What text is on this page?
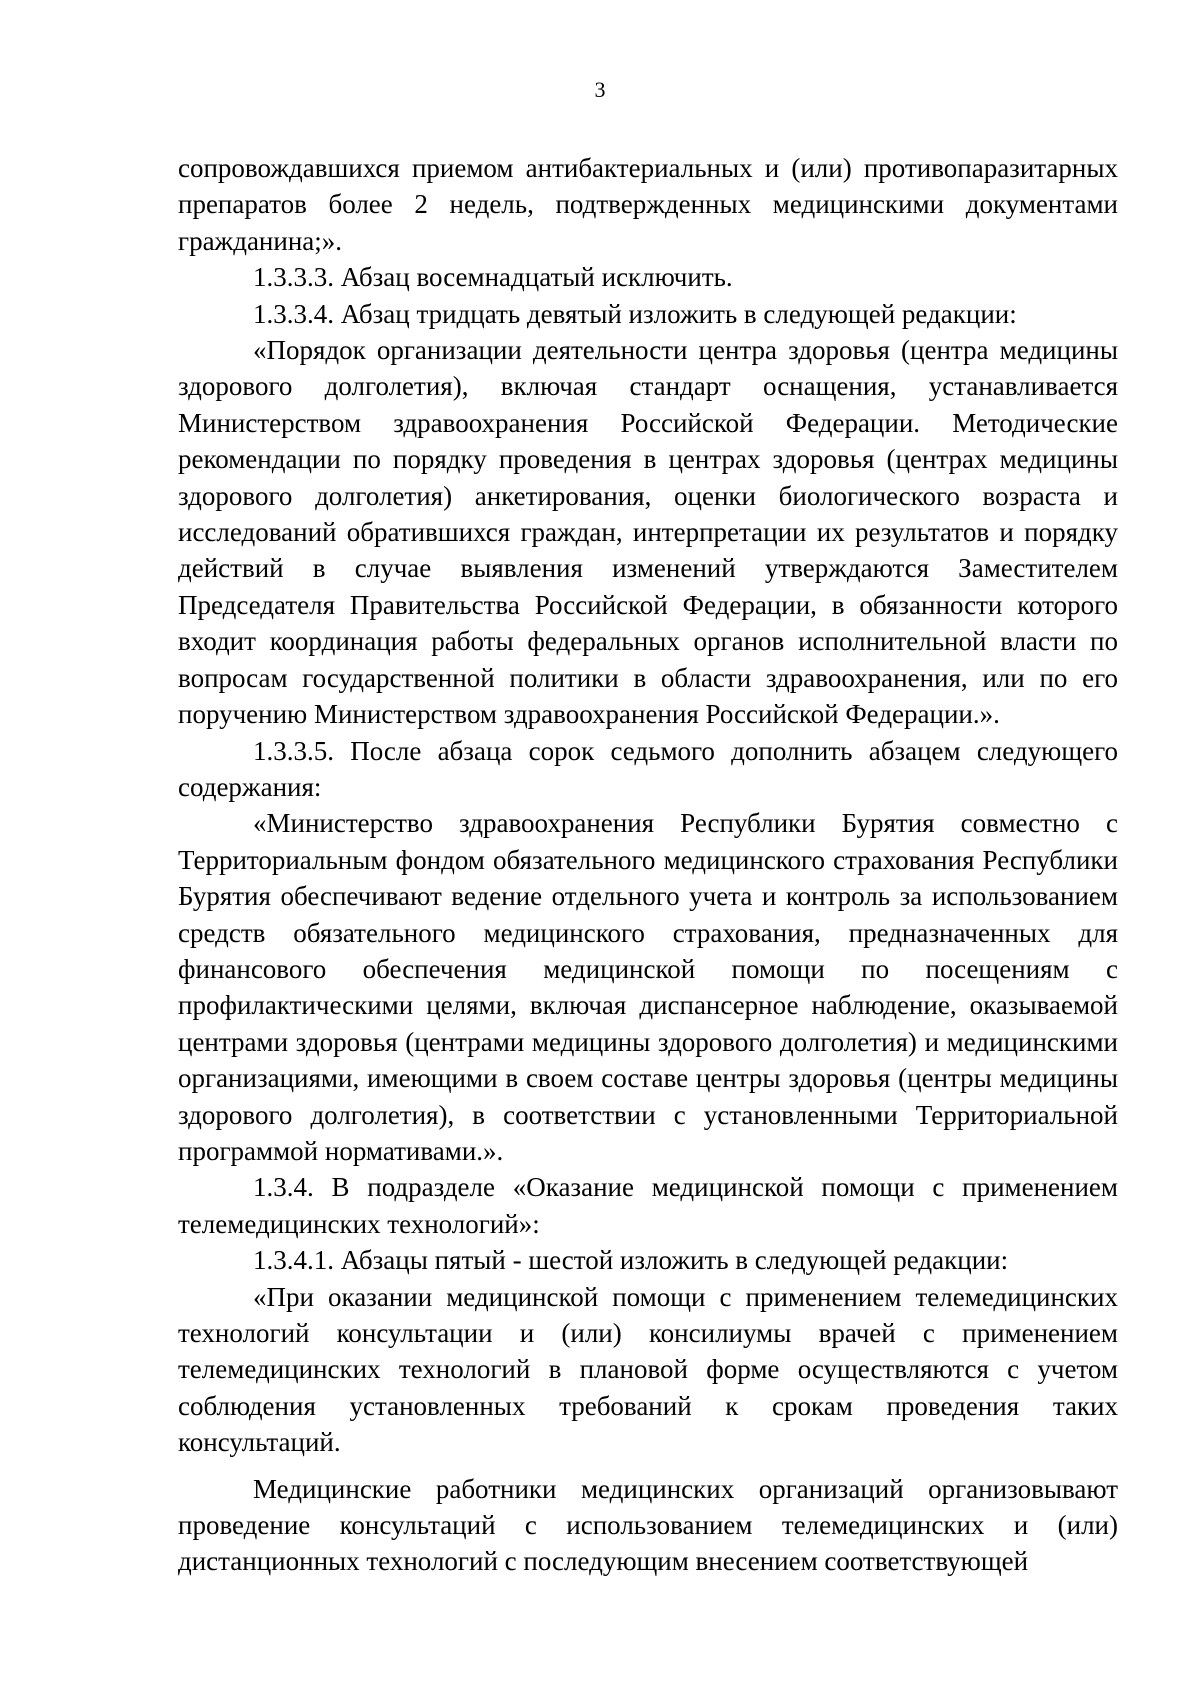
3

сопровождавшихся приемом антибактериальных и (или) противопаразитарных препаратов более 2 недель, подтвержденных медицинскими документами гражданина;».

1.3.3.3. Абзац восемнадцатый исключить.

1.3.3.4. Абзац тридцать девятый изложить в следующей редакции:

«Порядок организации деятельности центра здоровья (центра медицины здорового долголетия), включая стандарт оснащения, устанавливается Министерством здравоохранения Российской Федерации. Методические рекомендации по порядку проведения в центрах здоровья (центрах медицины здорового долголетия) анкетирования, оценки биологического возраста и исследований обратившихся граждан, интерпретации их результатов и порядку действий в случае выявления изменений утверждаются Заместителем Председателя Правительства Российской Федерации, в обязанности которого входит координация работы федеральных органов исполнительной власти по вопросам государственной политики в области здравоохранения, или по его поручению Министерством здравоохранения Российской Федерации.».

1.3.3.5. После абзаца сорок седьмого дополнить абзацем следующего содержания:

«Министерство здравоохранения Республики Бурятия совместно с Территориальным фондом обязательного медицинского страхования Республики Бурятия обеспечивают ведение отдельного учета и контроль за использованием средств обязательного медицинского страхования, предназначенных для финансового обеспечения медицинской помощи по посещениям с профилактическими целями, включая диспансерное наблюдение, оказываемой центрами здоровья (центрами медицины здорового долголетия) и медицинскими организациями, имеющими в своем составе центры здоровья (центры медицины здорового долголетия), в соответствии с установленными Территориальной программой нормативами.».

1.3.4. В подразделе «Оказание медицинской помощи с применением телемедицинских технологий»:

1.3.4.1. Абзацы пятый - шестой изложить в следующей редакции:

«При оказании медицинской помощи с применением телемедицинских технологий консультации и (или) консилиумы врачей с применением телемедицинских технологий в плановой форме осуществляются с учетом соблюдения установленных требований к срокам проведения таких консультаций.

Медицинские работники медицинских организаций организовывают проведение консультаций с использованием телемедицинских и (или) дистанционных технологий с последующим внесением соответствующей
